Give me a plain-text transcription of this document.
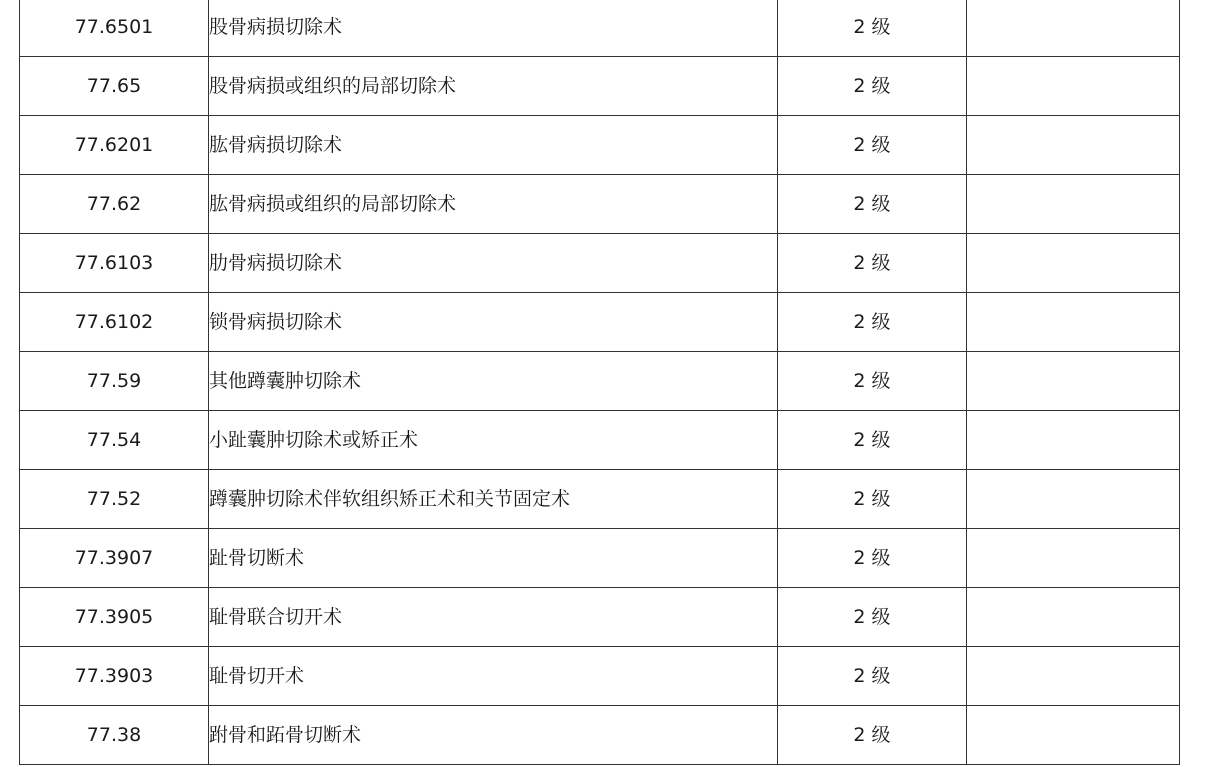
77.6501	股骨病损切除术	2 级	
77.65	股骨病损或组织的局部切除术	2 级	
77.6201	肱骨病损切除术	2 级	
77.62	肱骨病损或组织的局部切除术	2 级	
77.6103	肋骨病损切除术	2 级	
77.6102	锁骨病损切除术	2 级	
77.59	其他蹲囊肿切除术	2 级	
77.54	小趾囊肿切除术或矫正术	2 级	
77.52	蹲囊肿切除术伴软组织矫正术和关节固定术	2 级	
77.3907	趾骨切断术	2 级	
77.3905	耻骨联合切开术	2 级	
77.3903	耻骨切开术	2 级	
77.38	跗骨和跖骨切断术	2 级	
